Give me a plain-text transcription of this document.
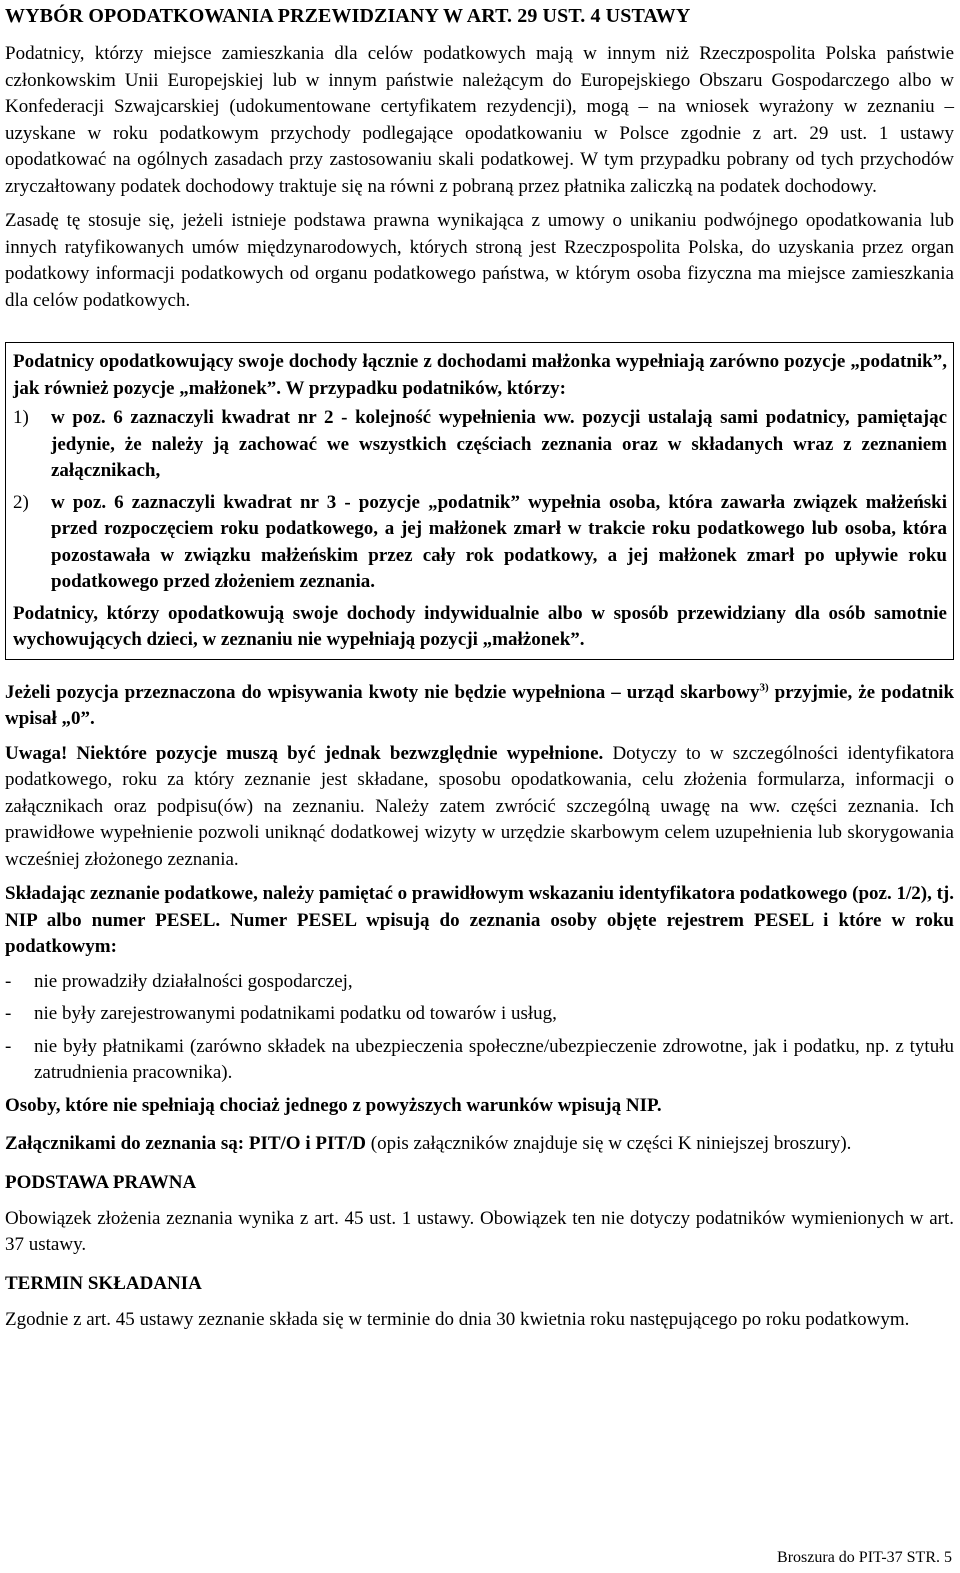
WYBÓR OPODATKOWANIA PRZEWIDZIANY W ART. 29 UST. 4 USTAWY

Podatnicy, którzy miejsce zamieszkania dla celów podatkowych mają w innym niż Rzeczpospolita Polska państwie członkowskim Unii Europejskiej lub w innym państwie należącym do Europejskiego Obszaru Gospodarczego albo w Konfederacji Szwajcarskiej (udokumentowane certyfikatem rezydencji), mogą – na wniosek wyrażony w zeznaniu – uzyskane w roku podatkowym przychody podlegające opodatkowaniu w Polsce zgodnie z art. 29 ust. 1 ustawy opodatkować na ogólnych zasadach przy zastosowaniu skali podatkowej. W tym przypadku pobrany od tych przychodów zryczałtowany podatek dochodowy traktuje się na równi z pobraną przez płatnika zaliczką na podatek dochodowy.

Zasadę tę stosuje się, jeżeli istnieje podstawa prawna wynikająca z umowy o unikaniu podwójnego opodatkowania lub innych ratyfikowanych umów międzynarodowych, których stroną jest Rzeczpospolita Polska, do uzyskania przez organ podatkowy informacji podatkowych od organu podatkowego państwa, w którym osoba fizyczna ma miejsce zamieszkania dla celów podatkowych.

Podatnicy opodatkowujący swoje dochody łącznie z dochodami małżonka wypełniają zarówno pozycje „podatnik”, jak również pozycje „małżonek”. W przypadku podatników, którzy:

1)	w poz. 6 zaznaczyli kwadrat nr 2 - kolejność wypełnienia ww. pozycji ustalają sami podatnicy, pamiętając jedynie, że należy ją zachować we wszystkich częściach zeznania oraz w składanych wraz z zeznaniem załącznikach,
2)	w poz. 6 zaznaczyli kwadrat nr 3 - pozycje „podatnik” wypełnia osoba, która zawarła związek małżeński przed rozpoczęciem roku podatkowego, a jej małżonek zmarł w trakcie roku podatkowego lub osoba, która pozostawała w związku małżeńskim przez cały rok podatkowy, a jej małżonek zmarł po upływie roku podatkowego przed złożeniem zeznania.

Podatnicy, którzy opodatkowują swoje dochody indywidualnie albo w sposób przewidziany dla osób samotnie wychowujących dzieci, w zeznaniu nie wypełniają pozycji „małżonek”.

Jeżeli pozycja przeznaczona do wpisywania kwoty nie będzie wypełniona – urząd skarbowy$^{3)}$ przyjmie, że podatnik wpisał „0”.

Uwaga! Niektóre pozycje muszą być jednak bezwzględnie wypełnione. Dotyczy to w szczególności identyfikatora podatkowego, roku za który zeznanie jest składane, sposobu opodatkowania, celu złożenia formularza, informacji o załącznikach oraz podpisu(ów) na zeznaniu. Należy zatem zwrócić szczególną uwagę na ww. części zeznania. Ich prawidłowe wypełnienie pozwoli uniknąć dodatkowej wizyty w urzędzie skarbowym celem uzupełnienia lub skorygowania wcześniej złożonego zeznania.

Składając zeznanie podatkowe, należy pamiętać o prawidłowym wskazaniu identyfikatora podatkowego (poz. 1/2), tj. NIP albo numer PESEL. Numer PESEL wpisują do zeznania osoby objęte rejestrem PESEL i które w roku podatkowym:

-	nie prowadziły działalności gospodarczej,
-	nie były zarejestrowanymi podatnikami podatku od towarów i usług,
-	nie były płatnikami (zarówno składek na ubezpieczenia społeczne/ubezpieczenie zdrowotne, jak i podatku, np. z tytułu zatrudnienia pracownika).

Osoby, które nie spełniają chociaż jednego z powyższych warunków wpisują NIP.

Załącznikami do zeznania są: PIT/O i PIT/D (opis załączników znajduje się w części K niniejszej broszury).

PODSTAWA PRAWNA

Obowiązek złożenia zeznania wynika z art. 45 ust. 1 ustawy. Obowiązek ten nie dotyczy podatników wymienionych w art. 37 ustawy.

TERMIN SKŁADANIA

Zgodnie z art. 45 ustawy zeznanie składa się w terminie do dnia 30 kwietnia roku następującego po roku podatkowym.

Broszura do PIT-37 STR. 5
